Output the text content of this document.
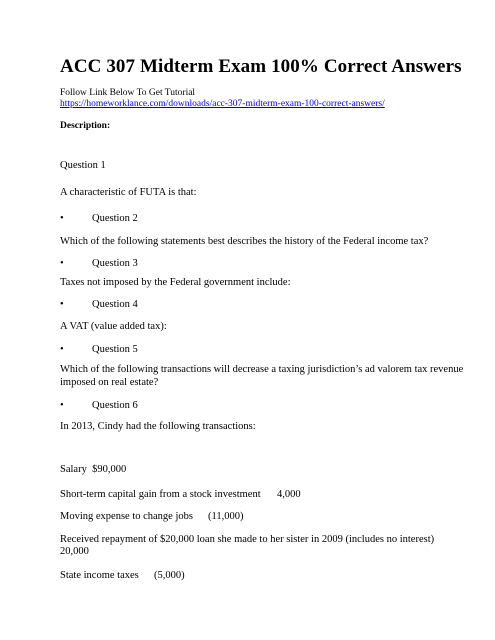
ACC 307 Midterm Exam 100% Correct Answers
Follow Link Below To Get Tutorial
https://homeworklance.com/downloads/acc-307-midterm-exam-100-correct-answers/
Description:
Question 1
A characteristic of FUTA is that:
•	Question 2
Which of the following statements best describes the history of the Federal income tax?
•	Question 3
Taxes not imposed by the Federal government include:
•	Question 4
A VAT (value added tax):
•	Question 5
Which of the following transactions will decrease a taxing jurisdiction’s ad valorem tax revenue
imposed on real estate?
•	Question 6
In 2013, Cindy had the following transactions:
Salary $90,000
Short-term capital gain from a stock investment 4,000
Moving expense to change jobs (11,000)
Received repayment of $20,000 loan she made to her sister in 2009 (includes no interest)
20,000
State income taxes (5,000)
